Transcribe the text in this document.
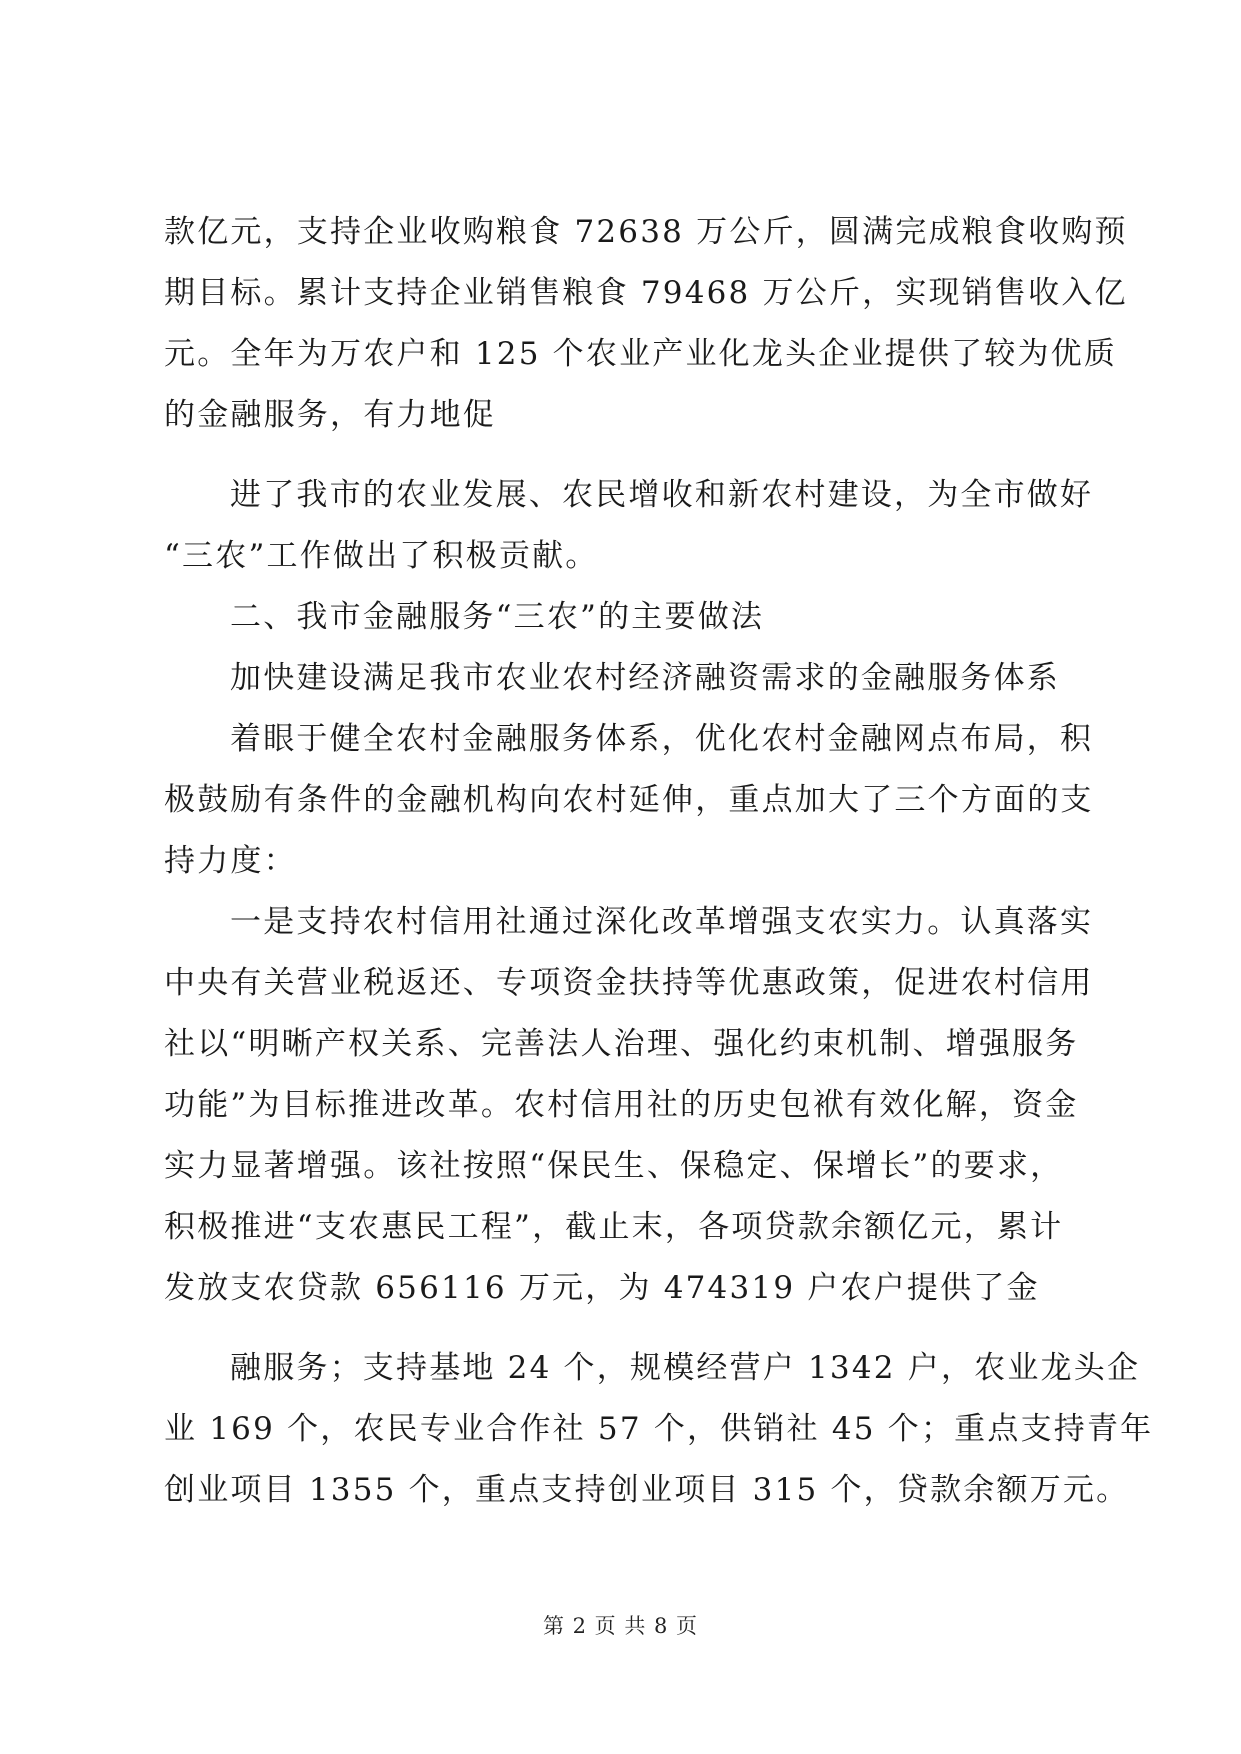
款亿元，支持企业收购粮食 72638 万公斤，圆满完成粮食收购预
期目标。累计支持企业销售粮食 79468 万公斤，实现销售收入亿
元。全年为万农户和 125 个农业产业化龙头企业提供了较为优质
的金融服务，有力地促
进了我市的农业发展、农民增收和新农村建设，为全市做好
“三农”工作做出了积极贡献。
二、我市金融服务“三农”的主要做法
加快建设满足我市农业农村经济融资需求的金融服务体系
着眼于健全农村金融服务体系，优化农村金融网点布局，积
极鼓励有条件的金融机构向农村延伸，重点加大了三个方面的支
持力度：
一是支持农村信用社通过深化改革增强支农实力。认真落实
中央有关营业税返还、专项资金扶持等优惠政策，促进农村信用
社以“明晰产权关系、完善法人治理、强化约束机制、增强服务
功能”为目标推进改革。农村信用社的历史包袱有效化解，资金
实力显著增强。该社按照“保民生、保稳定、保增长”的要求，
积极推进“支农惠民工程”，截止末，各项贷款余额亿元，累计
发放支农贷款 656116 万元，为 474319 户农户提供了金
融服务；支持基地 24 个，规模经营户 1342 户，农业龙头企
业 169 个，农民专业合作社 57 个，供销社 45 个；重点支持青年
创业项目 1355 个，重点支持创业项目 315 个，贷款余额万元。
第 2 页 共 8 页
